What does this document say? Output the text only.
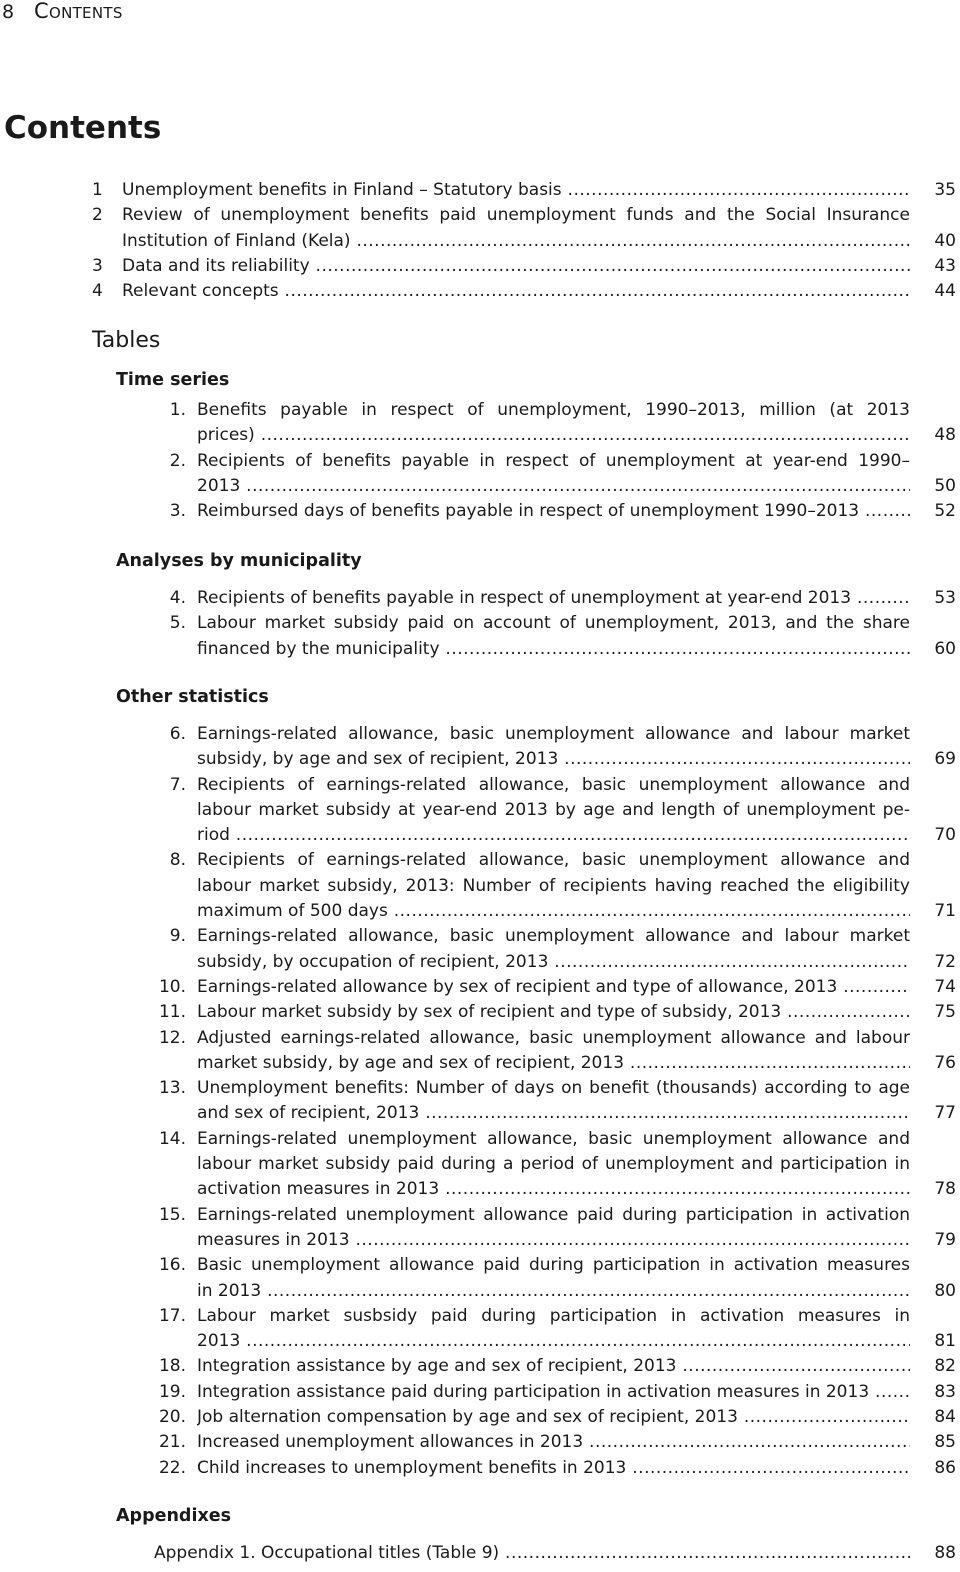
8 Contents
Contents
1 Unemployment benefits in Finland – Statutory basis .....	35
2 Review of unemployment benefits paid unemployment funds and the Social Insurance
Institution of Finland (Kela) .....	40
3 Data and its reliability .....	43
4 Relevant concepts .....	44
Tables
Time series
1. Benefits payable in respect of unemployment, 1990–2013, million (at 2013
prices) .....	48
2. Recipients of benefits payable in respect of unemployment at year-end 1990–
2013 .....	50
3. Reimbursed days of benefits payable in respect of unemployment 1990–2013 .....	52
Analyses by municipality
4. Recipients of benefits payable in respect of unemployment at year-end 2013 .....	53
5. Labour market subsidy paid on account of unemployment, 2013, and the share
financed by the municipality .....	60
Other statistics
6. Earnings-related allowance, basic unemployment allowance and labour market
subsidy, by age and sex of recipient, 2013 .....	69
7. Recipients of earnings-related allowance, basic unemployment allowance and
labour market subsidy at year-end 2013 by age and length of unemployment pe-
riod .....	70
8. Recipients of earnings-related allowance, basic unemployment allowance and
labour market subsidy, 2013: Number of recipients having reached the eligibility
maximum of 500 days .....	71
9. Earnings-related allowance, basic unemployment allowance and labour market
subsidy, by occupation of recipient, 2013 .....	72
10. Earnings-related allowance by sex of recipient and type of allowance, 2013 .....	74
11. Labour market subsidy by sex of recipient and type of subsidy, 2013 .....	75
12. Adjusted earnings-related allowance, basic unemployment allowance and labour
market subsidy, by age and sex of recipient, 2013 .....	76
13. Unemployment benefits: Number of days on benefit (thousands) according to age
and sex of recipient, 2013 .....	77
14. Earnings-related unemployment allowance, basic unemployment allowance and
labour market subsidy paid during a period of unemployment and participation in
activation measures in 2013 .....	78
15. Earnings-related unemployment allowance paid during participation in activation
measures in 2013 .....	79
16. Basic unemployment allowance paid during participation in activation measures
in 2013 .....	80
17. Labour market susbsidy paid during participation in activation measures in
2013 .....	81
18. Integration assistance by age and sex of recipient, 2013 .....	82
19. Integration assistance paid during participation in activation measures in 2013 .....	83
20. Job alternation compensation by age and sex of recipient, 2013 .....	84
21. Increased unemployment allowances in 2013 .....	85
22. Child increases to unemployment benefits in 2013 .....	86
Appendixes
Appendix 1. Occupational titles (Table 9) .....	88
